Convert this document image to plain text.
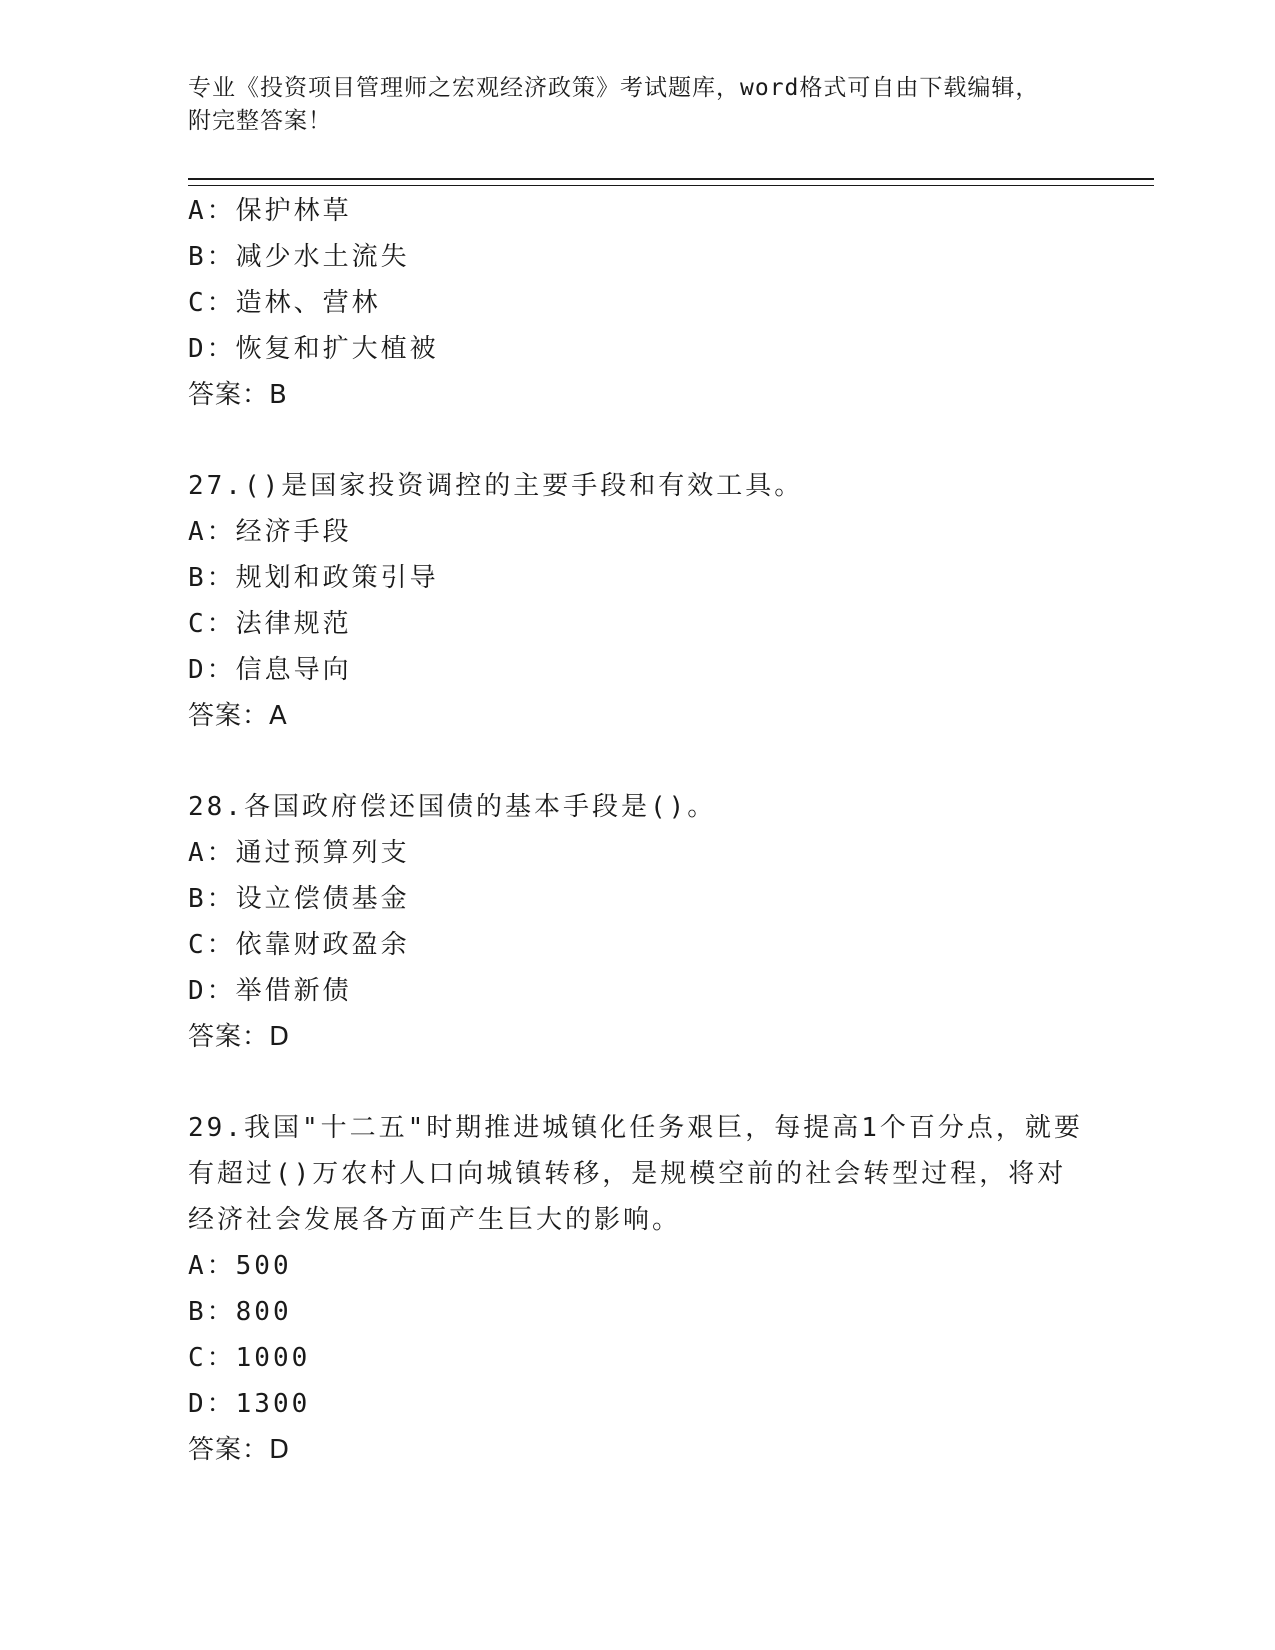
专业《投资项目管理师之宏观经济政策》考试题库，word格式可自由下载编辑，
附完整答案！
A：保护林草
B：减少水土流失
C：造林、营林
D：恢复和扩大植被
答案：B
27.()是国家投资调控的主要手段和有效工具。
A：经济手段
B：规划和政策引导
C：法律规范
D：信息导向
答案：A
28.各国政府偿还国债的基本手段是()。
A：通过预算列支
B：设立偿债基金
C：依靠财政盈余
D：举借新债
答案：D
29.我国"十二五"时期推进城镇化任务艰巨，每提高1个百分点，就要
有超过()万农村人口向城镇转移，是规模空前的社会转型过程，将对
经济社会发展各方面产生巨大的影响。
A：500
B：800
C：1000
D：1300
答案：D
